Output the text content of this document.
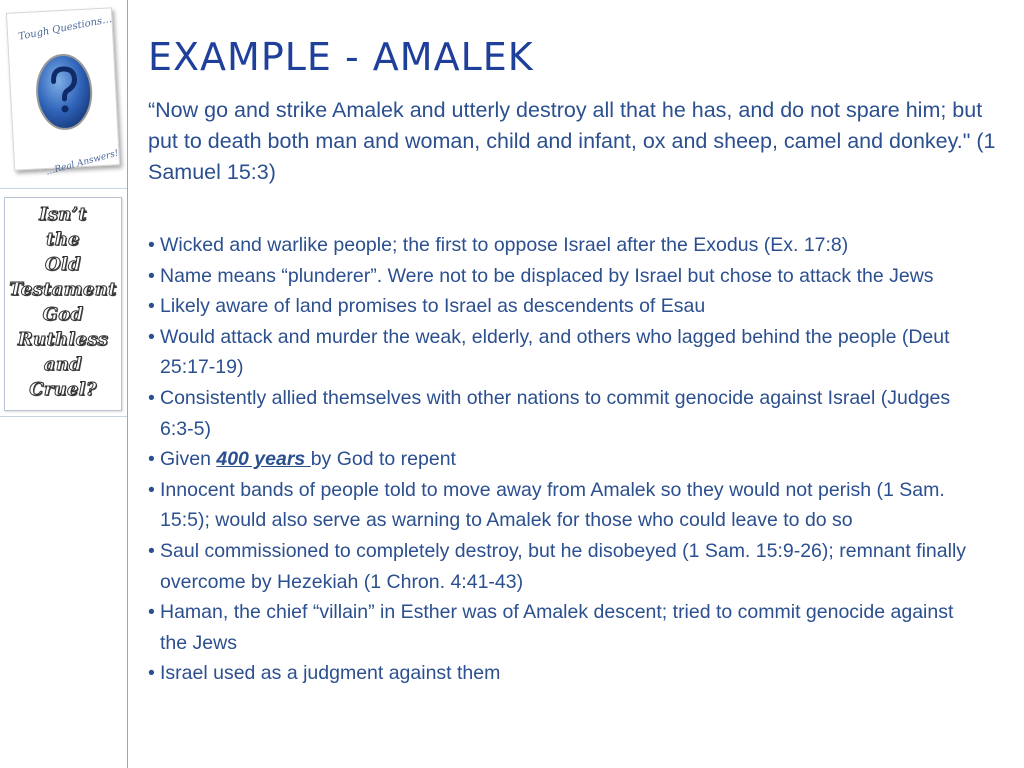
Tough Questions…
…Real Answers!
Isn’t
the
Old
Testament
God
Ruthless
and
Cruel?
EXAMPLE - AMALEK

“Now go and strike Amalek and utterly destroy all that he has, and do not spare him; but put to death both man and woman, child and infant, ox and sheep, camel and donkey." (1 Samuel 15:3)

• Wicked and warlike people; the first to oppose Israel after the Exodus (Ex. 17:8)
• Name means “plunderer”. Were not to be displaced by Israel but chose to attack the Jews
• Likely aware of land promises to Israel as descendents of Esau
• Would attack and murder the weak, elderly, and others who lagged behind the people (Deut 25:17-19)
• Consistently allied themselves with other nations to commit genocide against Israel (Judges 6:3-5)
• Given 400 years by God to repent
• Innocent bands of people told to move away from Amalek so they would not perish (1 Sam. 15:5); would also serve as warning to Amalek for those who could leave to do so
• Saul commissioned to completely destroy, but he disobeyed (1 Sam. 15:9-26); remnant finally overcome by Hezekiah (1 Chron. 4:41-43)
• Haman, the chief “villain” in Esther was of Amalek descent; tried to commit genocide against the Jews
• Israel used as a judgment against them
